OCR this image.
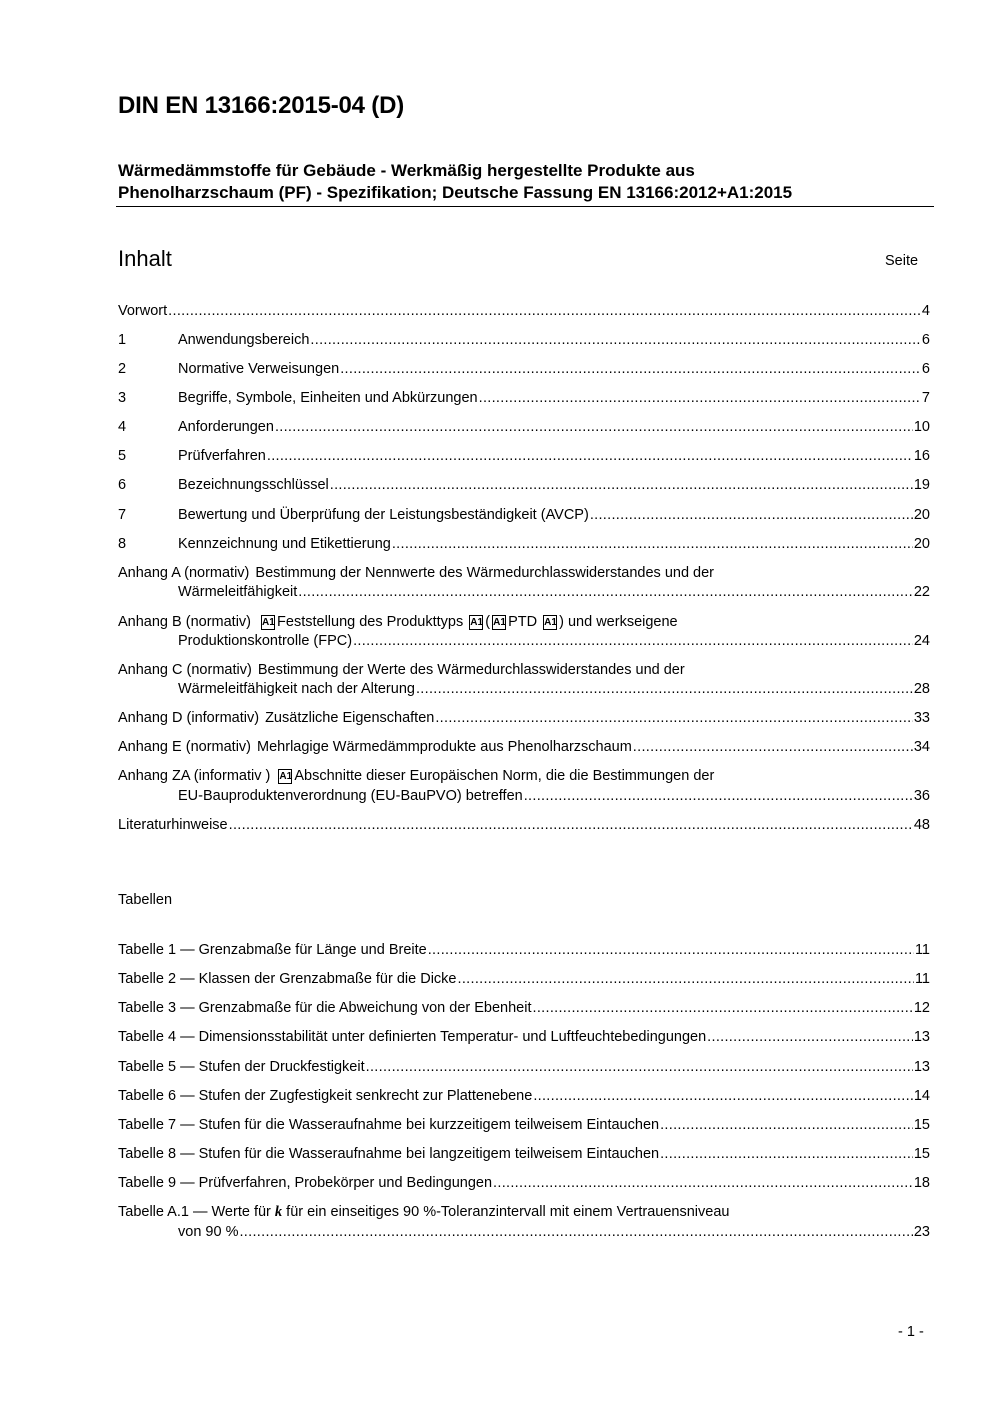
DIN EN 13166:2015-04 (D)
Wärmedämmstoffe für Gebäude - Werkmäßig hergestellte Produkte aus
Phenolharzschaum (PF) - Spezifikation; Deutsche Fassung EN 13166:2012+A1:2015
Inhalt	Seite
Vorwort .....	4
1	Anwendungsbereich .....	6
2	Normative Verweisungen .....	6
3	Begriffe, Symbole, Einheiten und Abkürzungen .....	7
4	Anforderungen .....	10
5	Prüfverfahren .....	16
6	Bezeichnungsschlüssel .....	19
7	Bewertung und Überprüfung der Leistungsbeständigkeit (AVCP) .....	20
8	Kennzeichnung und Etikettierung .....	20
Anhang A (normativ) Bestimmung der Nennwerte des Wärmedurchlasswiderstandes und der
Wärmeleitfähigkeit .....	22
Anhang B (normativ) A1 Feststellung des Produkttyps A1 ( A1 PTD A1 ) und werkseigene
Produktionskontrolle (FPC) .....	24
Anhang C (normativ) Bestimmung der Werte des Wärmedurchlasswiderstandes und der
Wärmeleitfähigkeit nach der Alterung .....	28
Anhang D (informativ) Zusätzliche Eigenschaften .....	33
Anhang E (normativ) Mehrlagige Wärmedämmprodukte aus Phenolharzschaum .....	34
Anhang ZA (informativ ) A1 Abschnitte dieser Europäischen Norm, die die Bestimmungen der
EU-Bauproduktenverordnung (EU-BauPVO) betreffen .....	36
Literaturhinweise .....	48
Tabellen
Tabelle 1 — Grenzabmaße für Länge und Breite .....	11
Tabelle 2 — Klassen der Grenzabmaße für die Dicke .....	11
Tabelle 3 — Grenzabmaße für die Abweichung von der Ebenheit .....	12
Tabelle 4 — Dimensionsstabilität unter definierten Temperatur- und Luftfeuchtebedingungen .....	13
Tabelle 5 — Stufen der Druckfestigkeit .....	13
Tabelle 6 — Stufen der Zugfestigkeit senkrecht zur Plattenebene .....	14
Tabelle 7 — Stufen für die Wasseraufnahme bei kurzzeitigem teilweisem Eintauchen .....	15
Tabelle 8 — Stufen für die Wasseraufnahme bei langzeitigem teilweisem Eintauchen .....	15
Tabelle 9 — Prüfverfahren, Probekörper und Bedingungen .....	18
Tabelle A.1 — Werte für k für ein einseitiges 90 %-Toleranzintervall mit einem Vertrauensniveau
von 90 % .....	23
- 1 -
